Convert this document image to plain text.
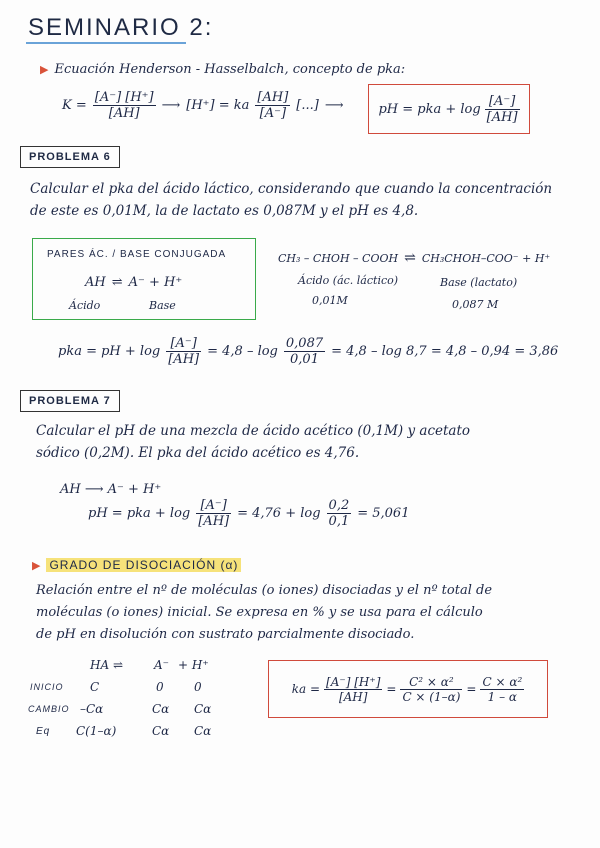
SEMINARIO 2:
▶ Ecuación Henderson - Hasselbalch, concepto de pka:
$K = \frac{[A^-] [H^+]}{[AH]}$ ⟶ [H⁺] = ka $\frac{[AH]}{[A^-]}$ [...] ⟶	pH = pka + $\log \frac{[A^-]}{[AH]}$
PROBLEMA 6
Calcular el pka del ácido láctico, considerando que cuando la concentración
de este es 0,01M, la de lactato es 0,087M y el pH es 4,8.
PARES ÁC. / BASE CONJUGADA
AH ⇌ A⁻ + H⁺
Ácido	Base
CH₃ – CHOH – COOH ⇌ CH₃CHOH–COO⁻ + H⁺
Ácido (ác. láctico)
0,01M
Base (lactato)
0,087 M
pka = pH + $\log \frac{[A^-]}{[AH]} = 4,8 - \log \frac{0,087}{0,01} = 4,8 - \log 8,7 = 4,8 - 0,94 = 3,86$
PROBLEMA 7
Calcular el pH de una mezcla de ácido acético (0,1M) y acetato
sódico (0,2M). El pka del ácido acético es 4,76.
AH ⟶ A⁻ + H⁺
pH = pka + $\log \frac{[A^-]}{[AH]} = 4,76 + \log \frac{0,2}{0,1} = 5,061$
▶ GRADO DE DISOCIACIÓN (α)
Relación entre el nº de moléculas (o iones) disociadas y el nº total de
moléculas (o iones) inicial. Se expresa en % y se usa para el cálculo
de pH en disolución con sustrato parcialmente disociado.
HA ⇌	A⁻ + H⁺
INICIO C	0	0
CAMBIO –Cα	Cα Cα
Eq C(1–α)	Cα Cα
ka = $\frac{[A^-] [H^+]}{[AH]} = \frac{\text{C² × α²}}{C \times (1-\alpha)} = \frac{\text{C × α²}}{1 - \alpha}$
